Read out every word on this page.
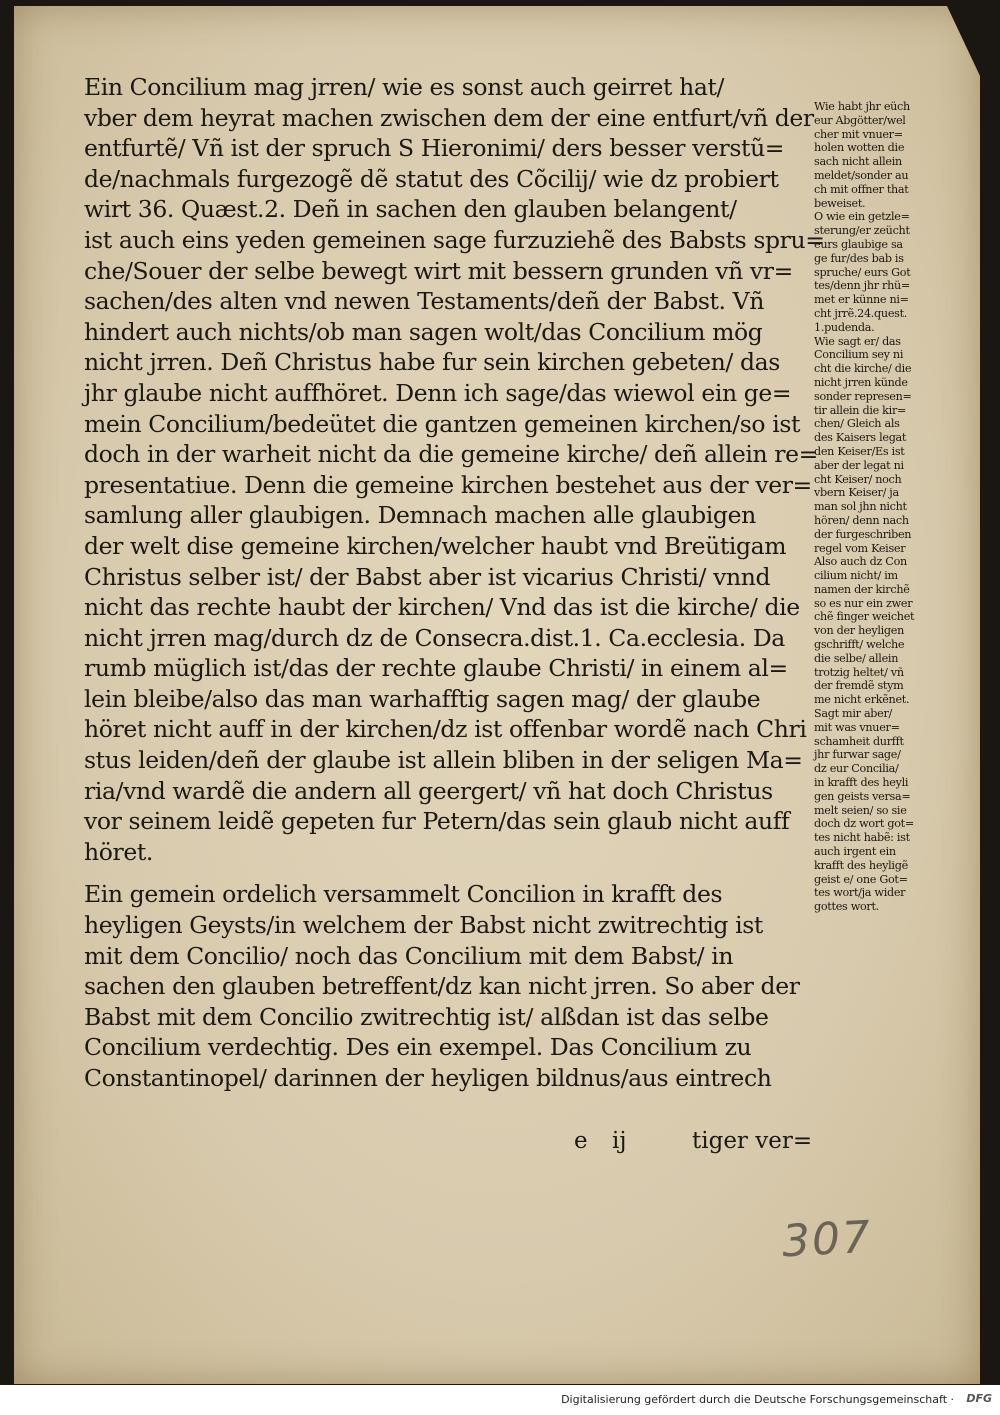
Ein Concilium mag jrren/ wie es sonst auch geirret hat/
vber dem heyrat machen zwischen dem der eine entfurt/vñ der
entfurtẽ/ Vñ ist der spruch S Hieronimi/ ders besser verstũ=
de/nachmals furgezogẽ dẽ statut des Cõcilij/ wie dz probiert
wirt 36. Quæst.2. Deñ in sachen den glauben belangent/
ist auch eins yeden gemeinen sage furzuziehẽ des Babsts spru=
che/Souer der selbe bewegt wirt mit bessern grunden vñ vr=
sachen/des alten vnd newen Testaments/deñ der Babst. Vñ
hindert auch nichts/ob man sagen wolt/das Concilium mög
nicht jrren. Deñ Christus habe fur sein kirchen gebeten/ das
jhr glaube nicht auffhöret. Denn ich sage/das wiewol ein ge=
mein Concilium/bedeütet die gantzen gemeinen kirchen/so ist
doch in der warheit nicht da die gemeine kirche/ deñ allein re=
presentatiue. Denn die gemeine kirchen bestehet aus der ver=
samlung aller glaubigen. Demnach machen alle glaubigen
der welt dise gemeine kirchen/welcher haubt vnd Breütigam
Christus selber ist/ der Babst aber ist vicarius Christi/ vnnd
nicht das rechte haubt der kirchen/ Vnd das ist die kirche/ die
nicht jrren mag/durch dz de Consecra.dist.1. Ca.ecclesia. Da
rumb müglich ist/das der rechte glaube Christi/ in einem al=
lein bleibe/also das man warhafftig sagen mag/ der glaube
höret nicht auff in der kirchen/dz ist offenbar wordẽ nach Chri
stus leiden/deñ der glaube ist allein bliben in der seligen Ma=
ria/vnd wardẽ die andern all geergert/ vñ hat doch Christus
vor seinem leidẽ gepeten fur Petern/das sein glaub nicht auff
höret.
Ein gemein ordelich versammelt Concilion in krafft des
heyligen Geysts/in welchem der Babst nicht zwitrechtig ist
mit dem Concilio/ noch das Concilium mit dem Babst/ in
sachen den glauben betreffent/dz kan nicht jrren. So aber der
Babst mit dem Concilio zwitrechtig ist/ alßdan ist das selbe
Concilium verdechtig. Des ein exempel. Das Concilium zu
Constantinopel/ darinnen der heyligen bildnus/aus eintrech
Wie habt jhr eüch
eur Abgötter/wel
cher mit vnuer=
holen wotten die
sach nicht allein
meldet/sonder au
ch mit offner that
beweiset.
O wie ein getzle=
sterung/er zeücht
eurs glaubige sa
ge fur/des bab is
spruche/ eurs Got
tes/denn jhr rhü=
met er künne ni=
cht jrrẽ.24.quest.
1.pudenda.
Wie sagt er/ das
Concilium sey ni
cht die kirche/ die
nicht jrren künde
sonder represen=
tir allein die kir=
chen/ Gleich als
des Kaisers legat
den Keiser/Es ist
aber der legat ni
cht Keiser/ noch
vbern Keiser/ ja
man sol jhn nicht
hören/ denn nach
der furgeschriben
regel vom Keiser
Also auch dz Con
cilium nicht/ im
namen der kirchẽ
so es nur ein zwer
chẽ finger weichet
von der heyligen
gschrifft/ welche
die selbe/ allein
trotzig heltet/ vñ
der fremdẽ stym
me nicht erkẽnet.
Sagt mir aber/
mit was vnuer=
schamheit durfft
jhr furwar sage/
dz eur Concilia/
in krafft des heyli
gen geists versa=
melt seien/ so sie
doch dz wort got=
tes nicht habẽ: ist
auch irgent ein
krafft des heyligẽ
geist e/ one Got=
tes wort/ja wider
gottes wort.
e ij	tiger ver=
307
Digitalisierung gefördert durch die Deutsche Forschungsgemeinschaft · DFG
